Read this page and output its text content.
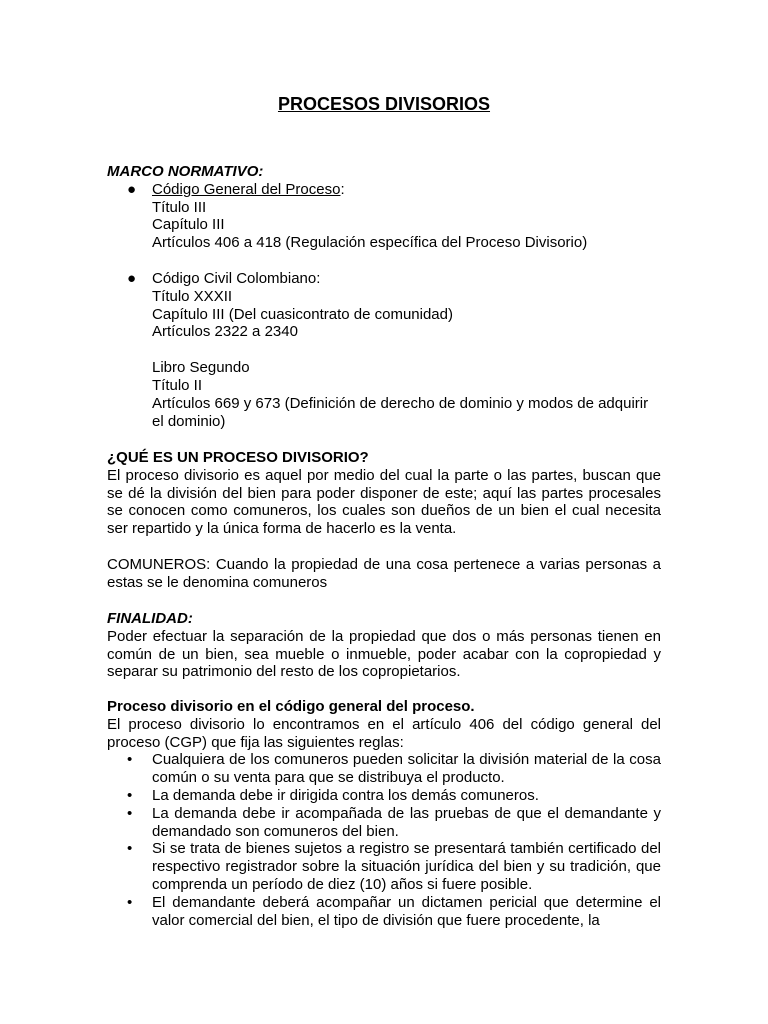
PROCESOS DIVISORIOS
MARCO NORMATIVO:
● Código General del Proceso:
Título III
Capítulo III
Artículos 406 a 418 (Regulación específica del Proceso Divisorio)
● Código Civil Colombiano:
Título XXXII
Capítulo III (Del cuasicontrato de comunidad)
Artículos 2322 a 2340
Libro Segundo
Título II
Artículos 669 y 673 (Definición de derecho de dominio y modos de adquirir el dominio)
¿QUÉ ES UN PROCESO DIVISORIO?

El proceso divisorio es aquel por medio del cual la parte o las partes, buscan que se dé la división del bien para poder disponer de este; aquí las partes procesales se conocen como comuneros, los cuales son dueños de un bien el cual necesita ser repartido y la única forma de hacerlo es la venta.

COMUNEROS: Cuando la propiedad de una cosa pertenece a varias personas a estas se le denomina comuneros

FINALIDAD:

Poder efectuar la separación de la propiedad que dos o más personas tienen en común de un bien, sea mueble o inmueble, poder acabar con la copropiedad y separar su patrimonio del resto de los copropietarios.

Proceso divisorio en el código general del proceso.

El proceso divisorio lo encontramos en el artículo 406 del código general del proceso (CGP) que fija las siguientes reglas:

• Cualquiera de los comuneros pueden solicitar la división material de la cosa común o su venta para que se distribuya el producto.
• La demanda debe ir dirigida contra los demás comuneros.
• La demanda debe ir acompañada de las pruebas de que el demandante y demandado son comuneros del bien.
• Si se trata de bienes sujetos a registro se presentará también certificado del respectivo registrador sobre la situación jurídica del bien y su tradición, que comprenda un período de diez (10) años si fuere posible.
• El demandante deberá acompañar un dictamen pericial que determine el valor comercial del bien, el tipo de división que fuere procedente, la
